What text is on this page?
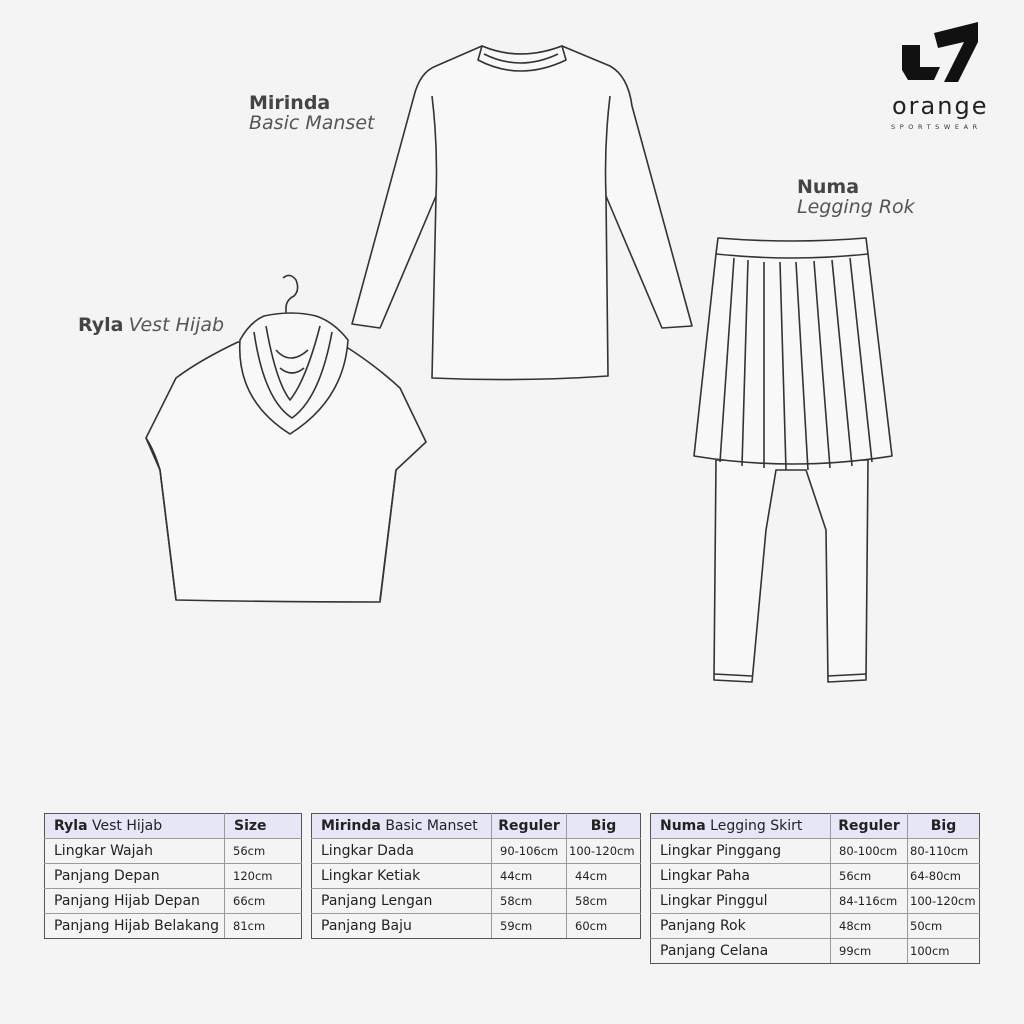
orange
SPORTSWEAR
Mirinda
Basic Manset
Numa
Legging Rok
Ryla Vest Hijab
Ryla Vest Hijab	Size
Lingkar Wajah	56cm
Panjang Depan	120cm
Panjang Hijab Depan	66cm
Panjang Hijab Belakang	81cm
Mirinda Basic Manset	Reguler	Big
Lingkar Dada	90-106cm	100-120cm
Lingkar Ketiak	44cm	44cm
Panjang Lengan	58cm	58cm
Panjang Baju	59cm	60cm
Numa Legging Skirt	Reguler	Big
Lingkar Pinggang	80-100cm	80-110cm
Lingkar Paha	56cm	64-80cm
Lingkar Pinggul	84-116cm	100-120cm
Panjang Rok	48cm	50cm
Panjang Celana	99cm	100cm
